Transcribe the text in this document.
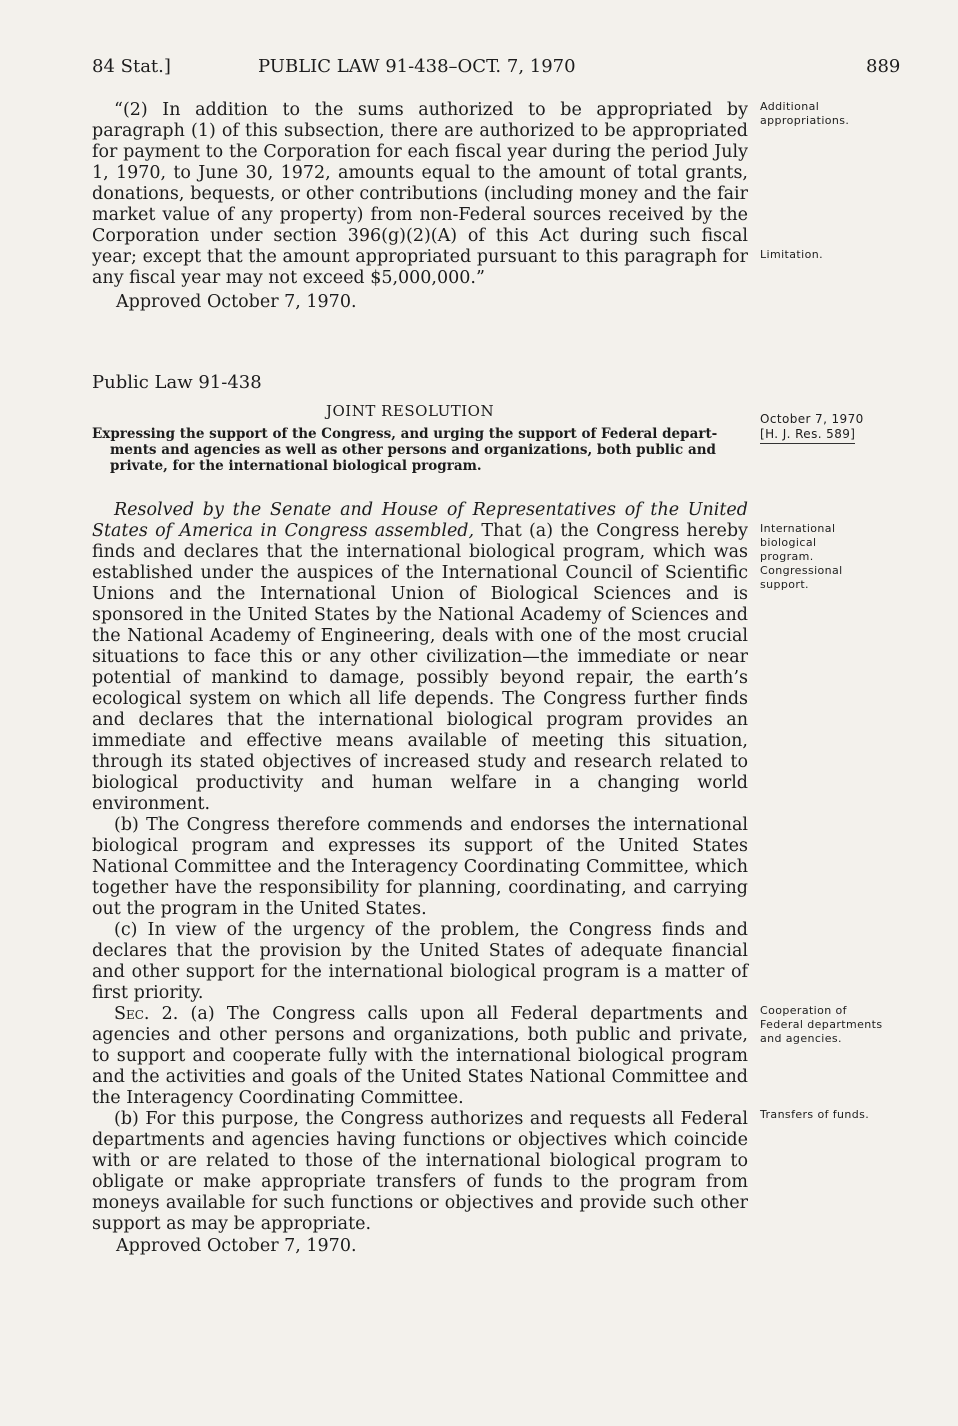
84 Stat.]	PUBLIC LAW 91-438–OCT. 7, 1970	889

“(2) In addition to the sums authorized to be appropriated by paragraph (1) of this subsection, there are authorized to be appropriated for payment to the Corporation for each fiscal year during the period July 1, 1970, to June 30, 1972, amounts equal to the amount of total grants, donations, bequests, or other contributions (including money and the fair market value of any property) from non-Federal sources received by the Corporation under section 396(g)(2)(A) of this Act during such fiscal year; except that the amount appropriated pursuant to this paragraph for any fiscal year may not exceed $5,000,000.”

Approved October 7, 1970.
Public Law 91-438
JOINT RESOLUTION
Expressing the support of the Congress, and urging the support of Federal depart-
ments and agencies as well as other persons and organizations, both public and private, for the international biological program.

Resolved by the Senate and House of Representatives of the United States of America in Congress assembled, That (a) the Congress hereby finds and declares that the international biological program, which was established under the auspices of the International Council of Scientific Unions and the International Union of Biological Sciences and is sponsored in the United States by the National Academy of Sciences and the National Academy of Engineering, deals with one of the most crucial situations to face this or any other civilization—the immediate or near potential of mankind to damage, possibly beyond repair, the earth’s ecological system on which all life depends. The Congress further finds and declares that the international biological program provides an immediate and effective means available of meeting this situation, through its stated objectives of increased study and research related to biological productivity and human welfare in a changing world environment.

(b) The Congress therefore commends and endorses the international biological program and expresses its support of the United States National Committee and the Interagency Coordinating Committee, which together have the responsibility for planning, coordinating, and carrying out the program in the United States.

(c) In view of the urgency of the problem, the Congress finds and declares that the provision by the United States of adequate financial and other support for the international biological program is a matter of first priority.

Sec. 2. (a) The Congress calls upon all Federal departments and agencies and other persons and organizations, both public and private, to support and cooperate fully with the international biological program and the activities and goals of the United States National Committee and the Interagency Coordinating Committee.

(b) For this purpose, the Congress authorizes and requests all Federal departments and agencies having functions or objectives which coincide with or are related to those of the international biological program to obligate or make appropriate transfers of funds to the program from moneys available for such functions or objectives and provide such other support as may be appropriate.

Approved October 7, 1970.
Additional appropriations.
Limitation.
October 7, 1970
[H. J. Res. 589]
International biological program.
Congressional support.
Cooperation of Federal departments and agencies.
Transfers of funds.
